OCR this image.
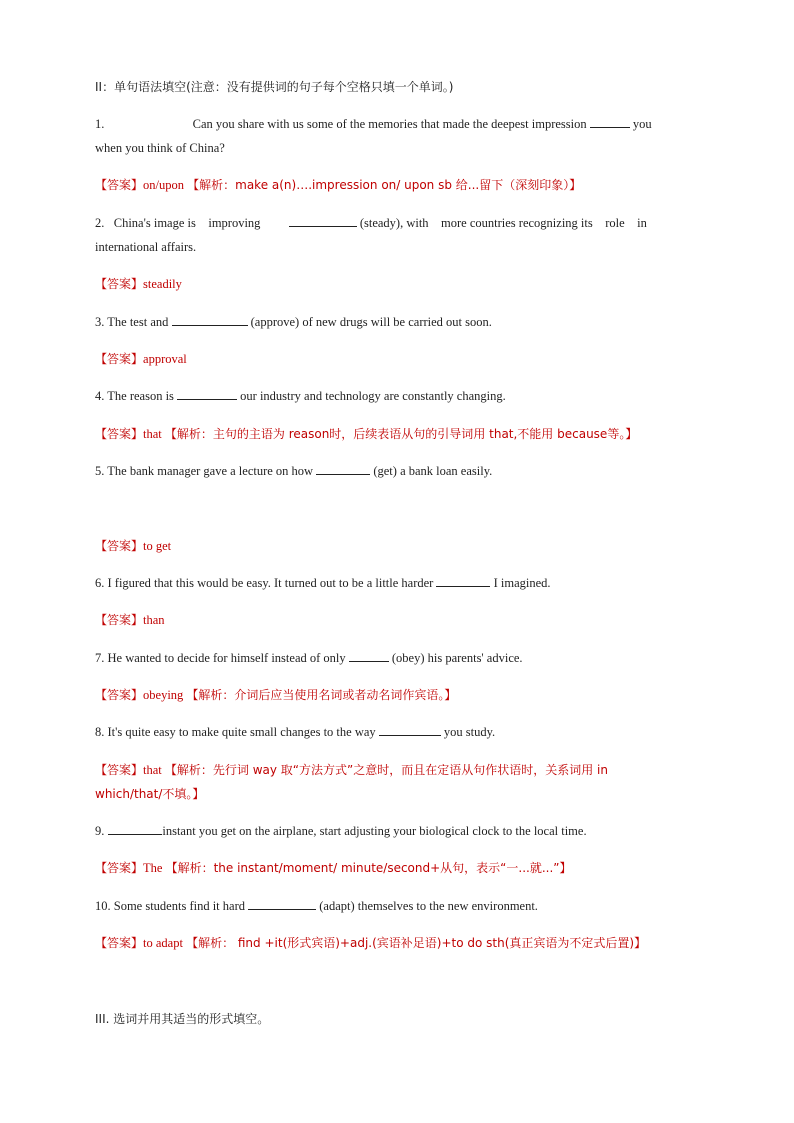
II：单句语法填空(注意：没有提供词的句子每个空格只填一个单词。)
1.	Can you share with us some of the memories that made the deepest impression	you
when you think of China?
【答案】on/upon 【解析：make a(n)….impression on/ upon sb 给...留下（深刻印象）】
2.   China's image is    improving	(steady), with    more countries recognizing its    role    in
international affairs.
【答案】steadily
3. The test and	(approve) of new drugs will be carried out soon.
【答案】approval
4. The reason is	our industry and technology are constantly changing.
【答案】that 【解析：主句的主语为 reason时，后续表语从句的引导词用 that,不能用 because等。】
5. The bank manager gave a lecture on how	(get) a bank loan easily.
【答案】to get
6. I figured that this would be easy. It turned out to be a little harder	I imagined.
【答案】than
7. He wanted to decide for himself instead of only	(obey) his parents' advice.
【答案】obeying 【解析：介词后应当使用名词或者动名词作宾语。】
8. It's quite easy to make quite small changes to the way	you study.
【答案】that 【解析：先行词 way 取“方法方式”之意时，而且在定语从句作状语时，关系词用 in
which/that/不填。】
9.	instant you get on the airplane, start adjusting your biological clock to the local time.
【答案】The 【解析：the instant/moment/ minute/second+从句，表示“一...就...”】
10. Some students find it hard	(adapt) themselves to the new environment.
【答案】to adapt 【解析： find +it(形式宾语)+adj.(宾语补足语)+to do sth(真正宾语为不定式后置)】
III. 选词并用其适当的形式填空。
